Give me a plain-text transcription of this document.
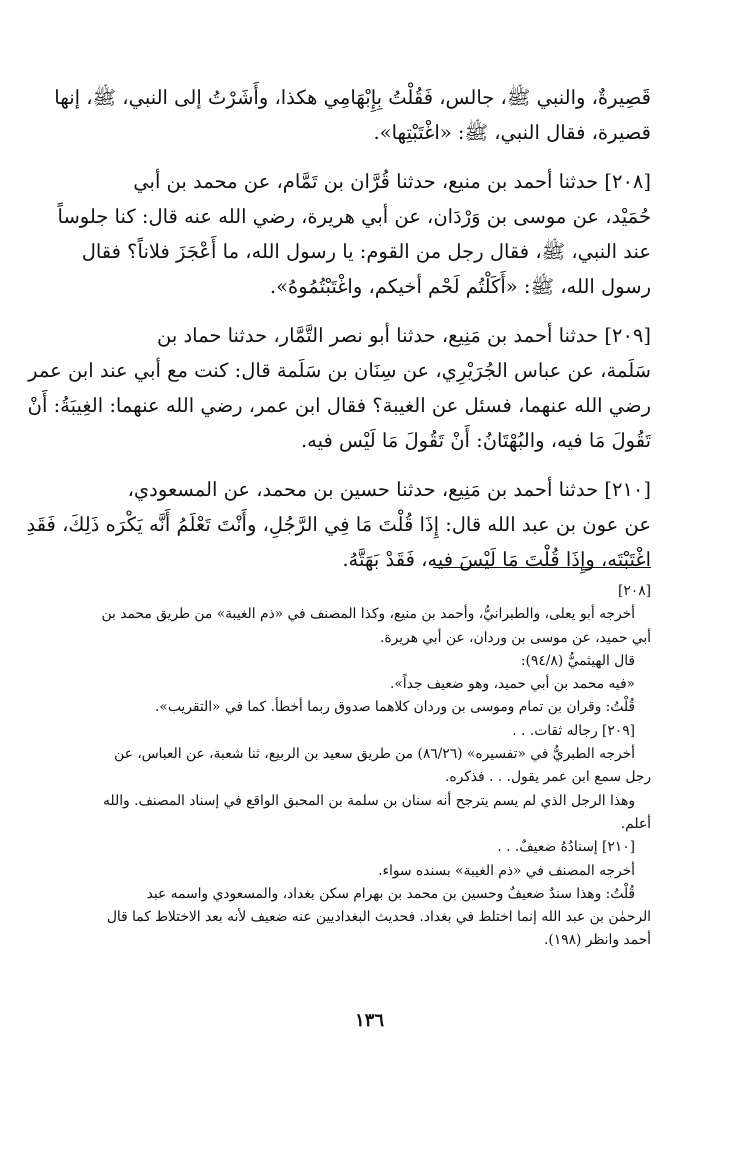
قَصِيرةٌ، والنبي ﷺ، جالس، فَقُلْتُ بِإِبْهَامِي هكذا، وأَشَرْتُ إلى النبي، ﷺ، إنها
قصيرة، فقال النبي، ﷺ: «اغْتَبْتِها».

[٢٠٨] حدثنا أحمد بن منيع، حدثنا قُرَّان بن تَمَّام، عن محمد بن أبي
حُمَيْد، عن موسى بن وَرْدَان، عن أبي هريرة، رضي الله عنه قال: كنا جلوساً
عند النبي، ﷺ، فقال رجل من القوم: يا رسول الله، ما أَعْجَزَ فلاناً؟ فقال
رسول الله، ﷺ: «أَكَلْتُم لَحْم أخيكم، واغْتَبْتُمُوهُ».

[٢٠٩] حدثنا أحمد بن مَنِيع، حدثنا أبو نصر التَّمَّار، حدثنا حماد بن
سَلَمة، عن عباس الجُرَيْرِي، عن سِنَان بن سَلَمة قال: كنت مع أبي عند ابن عمر
رضي الله عنهما، فسئل عن الغيبة؟ فقال ابن عمر، رضي الله عنهما: الغِيبَةُ: أَنْ
تَقُولَ مَا فيه، والبُهْتَانُ: أَنْ تَقُولَ مَا لَيْس فيه.

[٢١٠] حدثنا أحمد بن مَنِيع، حدثنا حسين بن محمد، عن المسعودي،
عن عون بن عبد الله قال: إِذَا قُلْتَ مَا فِي الرَّجُلِ، وأَنْتَ تَعْلَمُ أَنَّه يَكْرَه ذَلِكَ، فَقَدِ
اغْتَبْتَه، وإِذَا قُلْتَ مَا لَيْسَ فيه، فَقَدْ بَهَتَّهُ.

[٢٠٨]
أخرجه أبو يعلى، والطبرانيُّ، وأحمد بن منيع، وكذا المصنف في «ذم الغيبة» من طريق محمد بن
أبي حميد، عن موسى بن وردان، عن أبي هريرة.
قال الهيثميُّ (٩٤/٨):
«فيه محمد بن أبي حميد، وهو ضعيف جداً».
قُلْتُ: وقران بن تمام وموسى بن وردان كلاهما صدوق ربما أخطأ. كما في «التقريب».
[٢٠٩] رجاله ثقات. . .
أخرجه الطبريُّ في «تفسيره» (٨٦/٢٦) من طريق سعيد بن الربيع، ثنا شعبة، عن العباس، عن
رجل سمع ابن عمر يقول. . . فذكره.
وهذا الرجل الذي لم يسم يترجح أنه سنان بن سلمة بن المحبق الواقع في إسناد المصنف. والله
أعلم.
[٢١٠] إسنادُهُ ضعيفٌ. . .
أخرجه المصنف في «ذم الغيبة» بسنده سواء.
قُلْتُ: وهذا سندٌ ضعيفٌ وحسين بن محمد بن بهرام سكن بغداد، والمسعودي واسمه عبد
الرحمٰن بن عبد الله إنما اختلط في بغداد. فحديث البغداديين عنه ضعيف لأنه بعد الاختلاط كما قال
أحمد وانظر (١٩٨).
١٣٦
